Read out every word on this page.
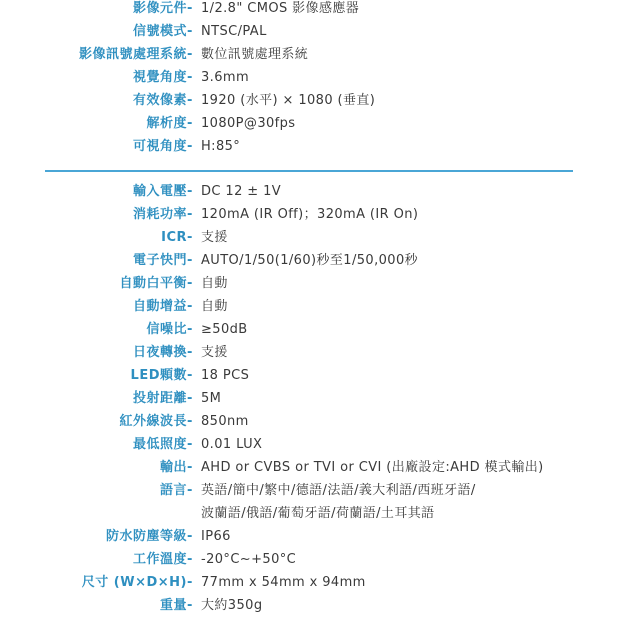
影像元件 - 1/2.8" CMOS 影像感應器
信號模式 - NTSC/PAL
影像訊號處理系統 - 數位訊號處理系統
視覺角度 - 3.6mm
有效像素 - 1920 (水平) × 1080 (垂直)
解析度 - 1080P@30fps
可視角度 - H:85°
輸入電壓 - DC 12 ± 1V
消耗功率 - 120mA (IR Off)；320mA (IR On)
ICR - 支援
電子快門 - AUTO/1/50(1/60)秒至1/50,000秒
自動白平衡 - 自動
自動增益 - 自動
信噪比 - ≥50dB
日夜轉換 - 支援
LED顆數 - 18 PCS
投射距離 - 5M
紅外線波長 - 850nm
最低照度 - 0.01 LUX
輸出 - AHD or CVBS or TVI or CVI (出廠設定:AHD 模式輸出)
語言 - 英語/簡中/繁中/德語/法語/義大利語/西班牙語/
波蘭語/俄語/葡萄牙語/荷蘭語/土耳其語
防水防塵等級 - IP66
工作溫度 - -20°C~+50°C
尺寸 (W×D×H) - 77mm x 54mm x 94mm
重量 - 大約350g
